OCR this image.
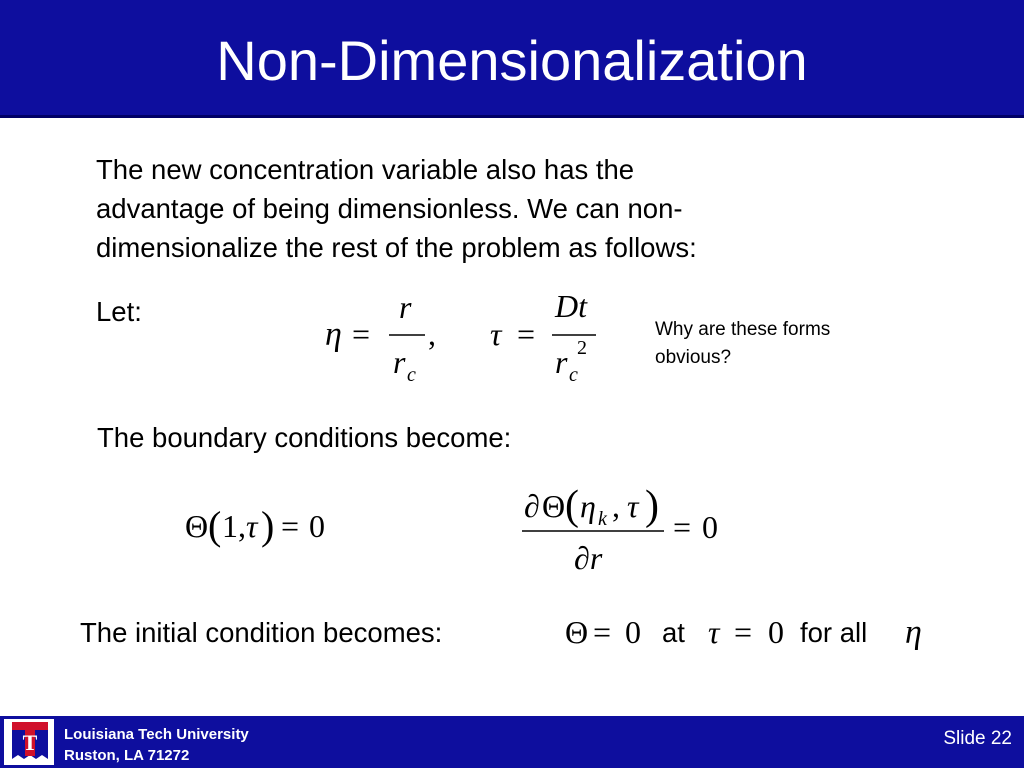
Non-Dimensionalization
The new concentration variable also has the
advantage of being dimensionless. We can non-
dimensionalize the rest of the problem as follows:
Let:
η =
r
r c
, τ =
Dt
r c
2
Why are these forms
obvious?
The boundary conditions become:
Θ ( 1, τ ) = 0
∂ Θ ( η k , τ )
∂r
= 0
The initial condition becomes:	Θ = 0 at τ = 0 for all η
T Louisiana Tech University
Ruston, LA 71272
Slide 22
